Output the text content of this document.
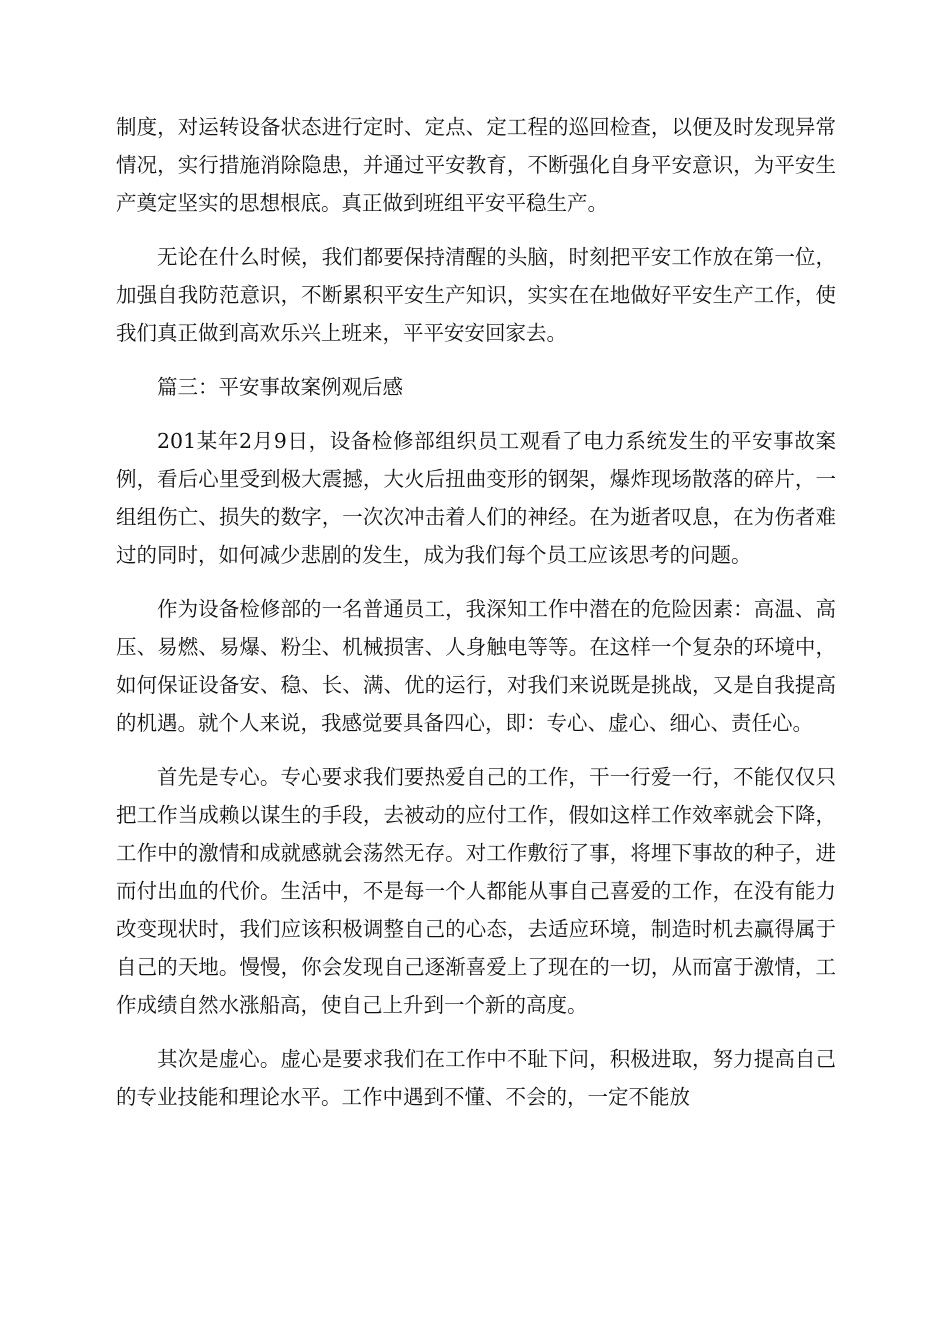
制度，对运转设备状态进行定时、定点、定工程的巡回检查，以便及时发现异常情况，实行措施消除隐患，并通过平安教育，不断强化自身平安意识，为平安生产奠定坚实的思想根底。真正做到班组平安平稳生产。

无论在什么时候，我们都要保持清醒的头脑，时刻把平安工作放在第一位，加强自我防范意识，不断累积平安生产知识，实实在在地做好平安生产工作，使我们真正做到高欢乐兴上班来，平平安安回家去。

篇三：平安事故案例观后感

201某年2月9日，设备检修部组织员工观看了电力系统发生的平安事故案例，看后心里受到极大震撼，大火后扭曲变形的钢架，爆炸现场散落的碎片，一组组伤亡、损失的数字，一次次冲击着人们的神经。在为逝者叹息，在为伤者难过的同时，如何减少悲剧的发生，成为我们每个员工应该思考的问题。

作为设备检修部的一名普通员工，我深知工作中潜在的危险因素：高温、高压、易燃、易爆、粉尘、机械损害、人身触电等等。在这样一个复杂的环境中，如何保证设备安、稳、长、满、优的运行，对我们来说既是挑战，又是自我提高的机遇。就个人来说，我感觉要具备四心，即：专心、虚心、细心、责任心。

首先是专心。专心要求我们要热爱自己的工作，干一行爱一行，不能仅仅只把工作当成赖以谋生的手段，去被动的应付工作，假如这样工作效率就会下降，工作中的激情和成就感就会荡然无存。对工作敷衍了事，将埋下事故的种子，进而付出血的代价。生活中，不是每一个人都能从事自己喜爱的工作，在没有能力改变现状时，我们应该积极调整自己的心态，去适应环境，制造时机去赢得属于自己的天地。慢慢，你会发现自己逐渐喜爱上了现在的一切，从而富于激情，工作成绩自然水涨船高，使自己上升到一个新的高度。

其次是虚心。虚心是要求我们在工作中不耻下问，积极进取，努力提高自己的专业技能和理论水平。工作中遇到不懂、不会的，一定不能放
